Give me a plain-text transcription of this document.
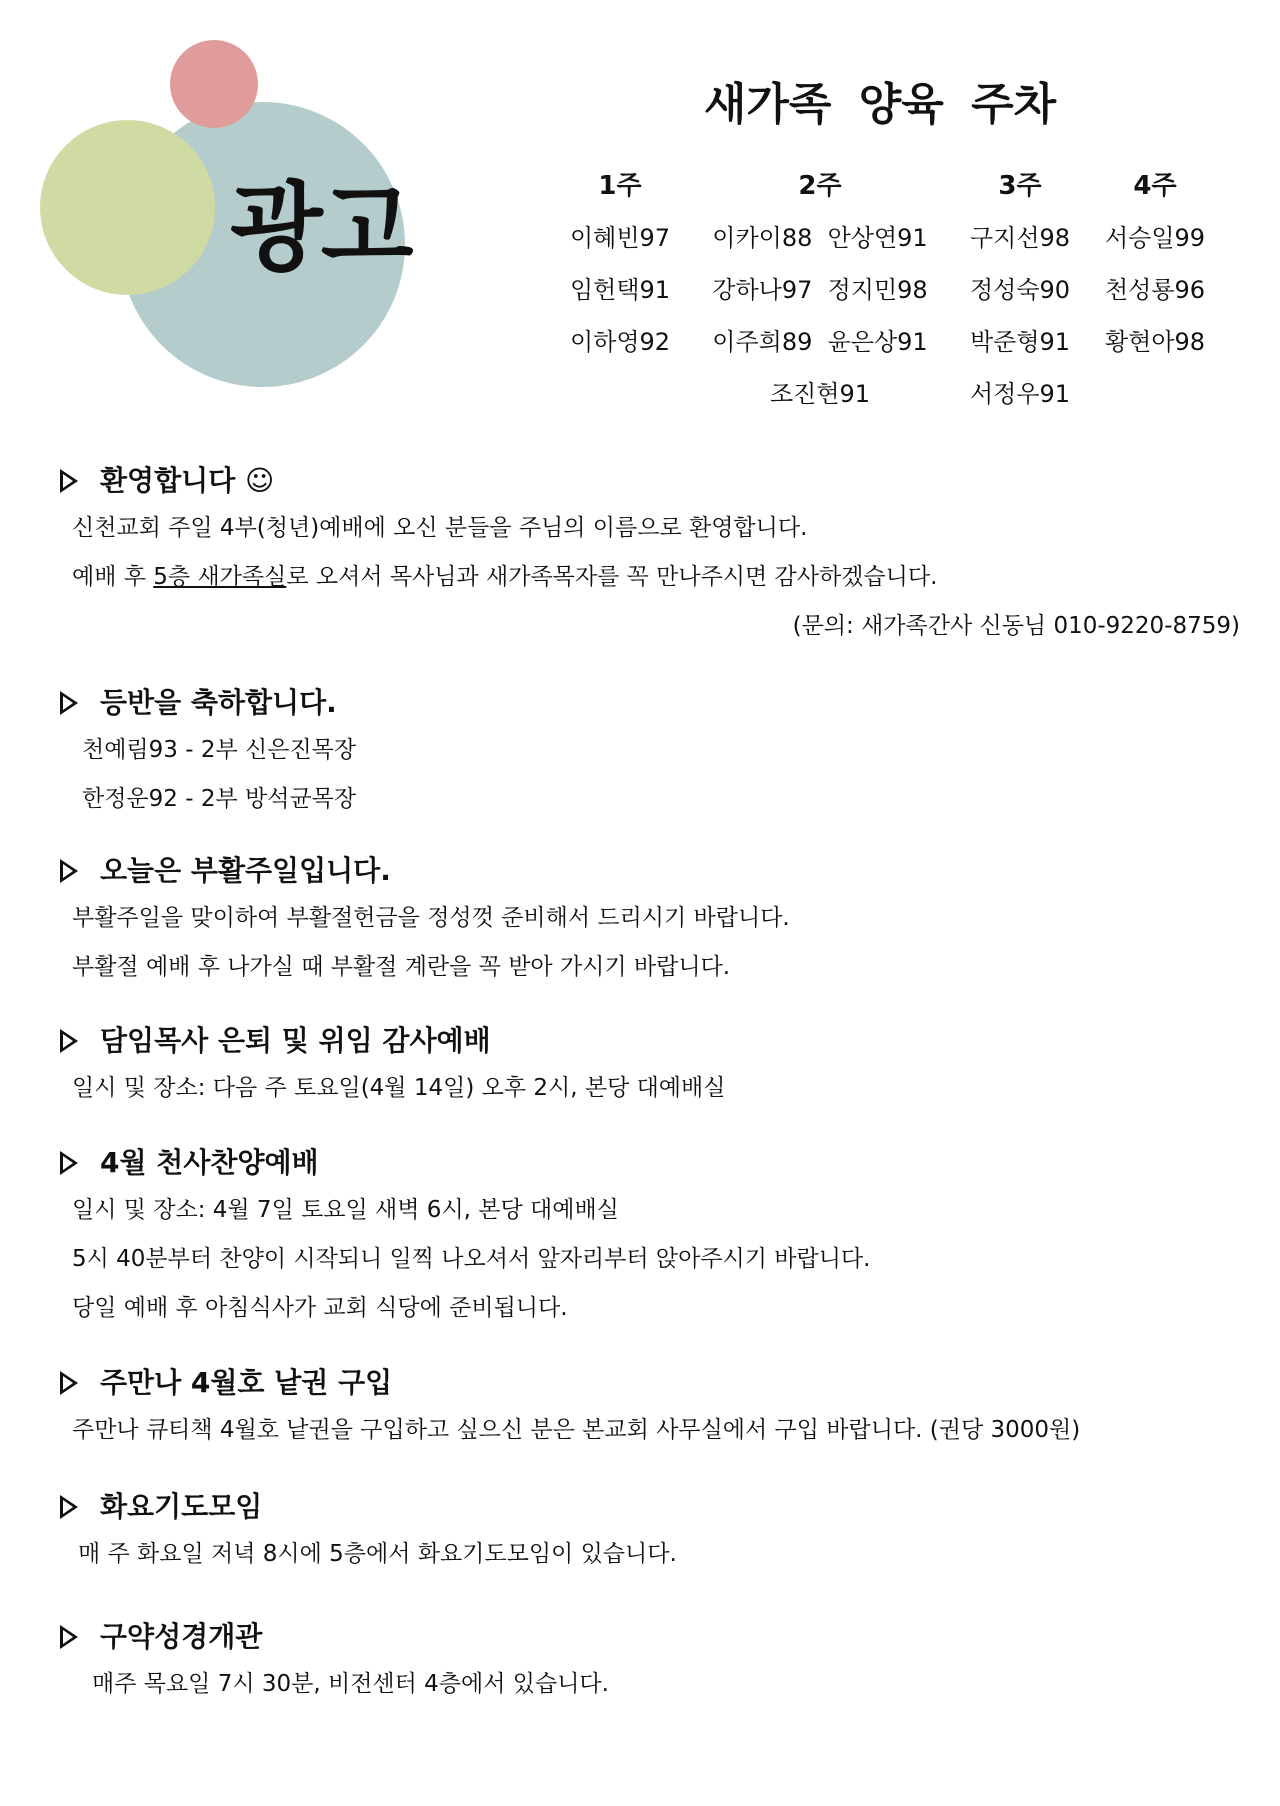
광고
새가족 양육 주차
1주
이혜빈97
임헌택91
이하영92
2주
이카이88  안상연91
강하나97  정지민98
이주희89  윤은상91
조진현91
3주
구지선98
정성숙90
박준형91
서정우91
4주
서승일99
천성룡96
황현아98
환영합니다 ☺
신천교회 주일 4부(청년)예배에 오신 분들을 주님의 이름으로 환영합니다.
예배 후 5층 새가족실로 오셔서 목사님과 새가족목자를 꼭 만나주시면 감사하겠습니다.
(문의: 새가족간사 신동님 010-9220-8759)
등반을 축하합니다.
천예림93 - 2부 신은진목장
한정운92 - 2부 방석균목장
오늘은 부활주일입니다.
부활주일을 맞이하여 부활절헌금을 정성껏 준비해서 드리시기 바랍니다.
부활절 예배 후 나가실 때 부활절 계란을 꼭 받아 가시기 바랍니다.
담임목사 은퇴 및 위임 감사예배
일시 및 장소: 다음 주 토요일(4월 14일) 오후 2시, 본당 대예배실
4월 천사찬양예배
일시 및 장소: 4월 7일 토요일 새벽 6시, 본당 대예배실
5시 40분부터 찬양이 시작되니 일찍 나오셔서 앞자리부터 앉아주시기 바랍니다.
당일 예배 후 아침식사가 교회 식당에 준비됩니다.
주만나 4월호 낱권 구입
주만나 큐티책 4월호 낱권을 구입하고 싶으신 분은 본교회 사무실에서 구입 바랍니다. (권당 3000원)
화요기도모임
매 주 화요일 저녁 8시에 5층에서 화요기도모임이 있습니다.
구약성경개관
매주 목요일 7시 30분, 비전센터 4층에서 있습니다.
